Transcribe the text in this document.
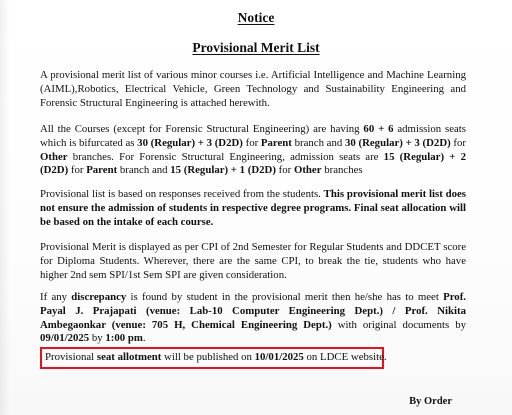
Notice
Provisional Merit List

A provisional merit list of various minor courses i.e. Artificial Intelligence and Machine Learning (AIML),Robotics, Electrical Vehicle, Green Technology and Sustainability Engineering and Forensic Structural Engineering is attached herewith.

All the Courses (except for Forensic Structural Engineering) are having 60 + 6 admission seats which is bifurcated as 30 (Regular) + 3 (D2D) for Parent branch and 30 (Regular) + 3 (D2D) for Other branches. For Forensic Structural Engineering, admission seats are 15 (Regular) + 2 (D2D) for Parent branch and 15 (Regular) + 1 (D2D) for Other branches

Provisional list is based on responses received from the students. This provisional merit list does not ensure the admission of students in respective degree programs. Final seat allocation will be based on the intake of each course.

Provisional Merit is displayed as per CPI of 2nd Semester for Regular Students and DDCET score for Diploma Students. Wherever, there are the same CPI, to break the tie, students who have higher 2nd sem SPI/1st Sem SPI are given consideration.

If any discrepancy is found by student in the provisional merit then he/she has to meet Prof. Payal J. Prajapati (venue: Lab-10 Computer Engineering Dept.) / Prof. Nikita Ambegaonkar (venue: 705 H, Chemical Engineering Dept.) with original documents by 09/01/2025 by 1:00 pm.

Provisional seat allotment will be published on 10/01/2025 on LDCE website.
By Order
